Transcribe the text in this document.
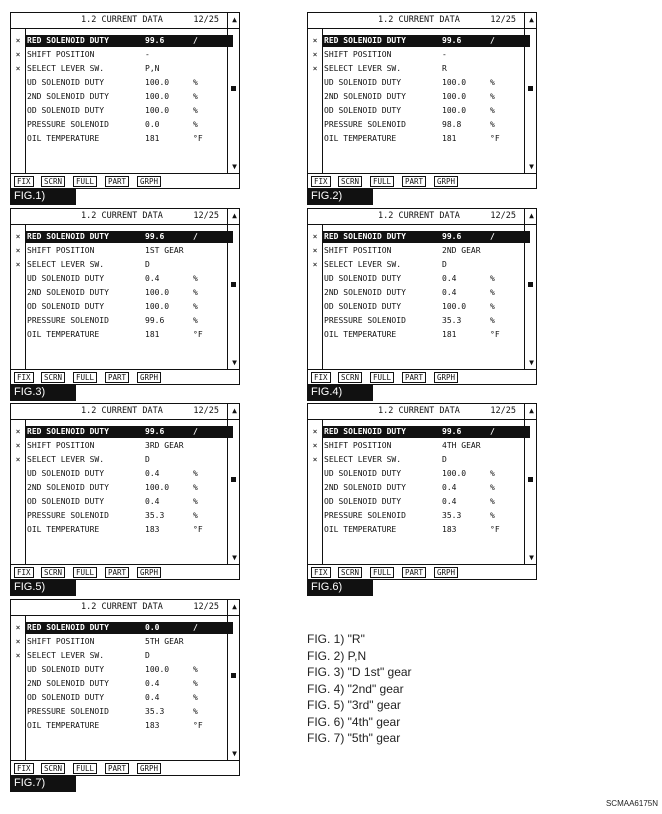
1.2 CURRENT DATA	12/25 ▲
▼
× RED SOLENOID DUTY	99.6	∕
× SHIFT POSITION	-
× SELECT LEVER SW.	P,N
UD SOLENOID DUTY	100.0	%
2ND SOLENOID DUTY	100.0	%
OD SOLENOID DUTY	100.0	%
PRESSURE SOLENOID	0.0	%
OIL TEMPERATURE	181	°F
FIX	SCRN	FULL	PART	GRPH
FIG.1)
1.2 CURRENT DATA	12/25 ▲
▼
× RED SOLENOID DUTY	99.6	∕
× SHIFT POSITION	-
× SELECT LEVER SW.	R
UD SOLENOID DUTY	100.0	%
2ND SOLENOID DUTY	100.0	%
OD SOLENOID DUTY	100.0	%
PRESSURE SOLENOID	98.8	%
OIL TEMPERATURE	181	°F
FIX	SCRN	FULL	PART	GRPH
FIG.2)
1.2 CURRENT DATA	12/25 ▲
▼
× RED SOLENOID DUTY	99.6	∕
× SHIFT POSITION	1ST GEAR
× SELECT LEVER SW.	D
UD SOLENOID DUTY	0.4	%
2ND SOLENOID DUTY	100.0	%
OD SOLENOID DUTY	100.0	%
PRESSURE SOLENOID	99.6	%
OIL TEMPERATURE	181	°F
FIX	SCRN	FULL	PART	GRPH
FIG.3)
1.2 CURRENT DATA	12/25 ▲
▼
× RED SOLENOID DUTY	99.6	∕
× SHIFT POSITION	2ND GEAR
× SELECT LEVER SW.	D
UD SOLENOID DUTY	0.4	%
2ND SOLENOID DUTY	0.4	%
OD SOLENOID DUTY	100.0	%
PRESSURE SOLENOID	35.3	%
OIL TEMPERATURE	181	°F
FIX	SCRN	FULL	PART	GRPH
FIG.4)
1.2 CURRENT DATA	12/25 ▲
▼
× RED SOLENOID DUTY	99.6	∕
× SHIFT POSITION	3RD GEAR
× SELECT LEVER SW.	D
UD SOLENOID DUTY	0.4	%
2ND SOLENOID DUTY	100.0	%
OD SOLENOID DUTY	0.4	%
PRESSURE SOLENOID	35.3	%
OIL TEMPERATURE	183	°F
FIX	SCRN	FULL	PART	GRPH
FIG.5)
1.2 CURRENT DATA	12/25 ▲
▼
× RED SOLENOID DUTY	99.6	∕
× SHIFT POSITION	4TH GEAR
× SELECT LEVER SW.	D
UD SOLENOID DUTY	100.0	%
2ND SOLENOID DUTY	0.4	%
OD SOLENOID DUTY	0.4	%
PRESSURE SOLENOID	35.3	%
OIL TEMPERATURE	183	°F
FIX	SCRN	FULL	PART	GRPH
FIG.6)
1.2 CURRENT DATA	12/25 ▲
▼
× RED SOLENOID DUTY	0.0	∕
× SHIFT POSITION	5TH GEAR
× SELECT LEVER SW.	D
UD SOLENOID DUTY	100.0	%
2ND SOLENOID DUTY	0.4	%
OD SOLENOID DUTY	0.4	%
PRESSURE SOLENOID	35.3	%
OIL TEMPERATURE	183	°F
FIX	SCRN	FULL	PART	GRPH
FIG.7)
FIG. 1) "R"
FIG. 2) P,N
FIG. 3) "D 1st" gear
FIG. 4) "2nd" gear
FIG. 5) "3rd" gear
FIG. 6) "4th" gear
FIG. 7) "5th" gear
SCMAA6175N
